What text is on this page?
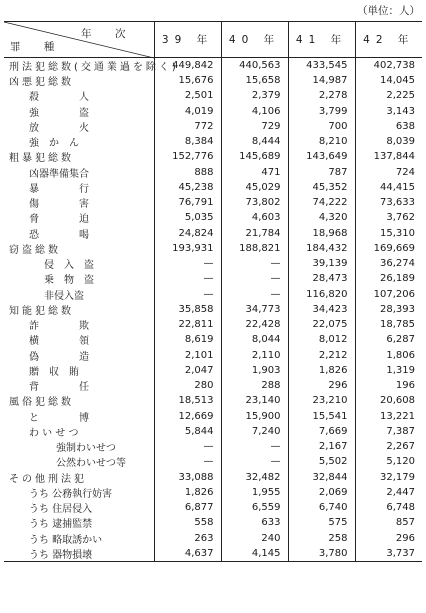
（単位：人）
年 次
罪 種	39 年	40 年	41 年	42 年
刑法犯総数(交通業過を除く)	449,842	440,563	433,545	402,738
凶悪犯総数	15,676	15,658	14,987	14,045
殺　　　　人	2,501	2,379	2,278	2,225
強　　　　盗	4,019	4,106	3,799	3,143
放　　　　火	772	729	700	638
強　か　ん	8,384	8,444	8,210	8,039
粗暴犯総数	152,776	145,689	143,649	137,844
凶器準備集合	888	471	787	724
暴　　　　行	45,238	45,029	45,352	44,415
傷　　　　害	76,791	73,802	74,222	73,633
脅　　　　迫	5,035	4,603	4,320	3,762
恐　　　　喝	24,824	21,784	18,968	15,310
窃盗総数	193,931	188,821	184,432	169,669
侵　入　盗	—	—	39,139	36,274
乗　物　盗	—	—	28,473	26,189
非侵入盗	—	—	116,820	107,206
知能犯総数	35,858	34,773	34,423	28,393
詐　　　　欺	22,811	22,428	22,075	18,785
横　　　　領	8,619	8,044	8,012	6,287
偽　　　　造	2,101	2,110	2,212	1,806
贈　収　賄	2,047	1,903	1,826	1,319
背　　　　任	280	288	296	196
風俗犯総数	18,513	23,140	23,210	20,608
と　　　　博	12,669	15,900	15,541	13,221
わ い せ つ	5,844	7,240	7,669	7,387
強制わいせつ	—	—	2,167	2,267
公然わいせつ等	—	—	5,502	5,120
その他刑法犯	33,088	32,482	32,844	32,179
うち 公務執行妨害	1,826	1,955	2,069	2,447
うち 住居侵入	6,877	6,559	6,740	6,748
うち 逮捕監禁	558	633	575	857
うち 略取誘かい	263	240	258	296
うち 器物損壊	4,637	4,145	3,780	3,737
